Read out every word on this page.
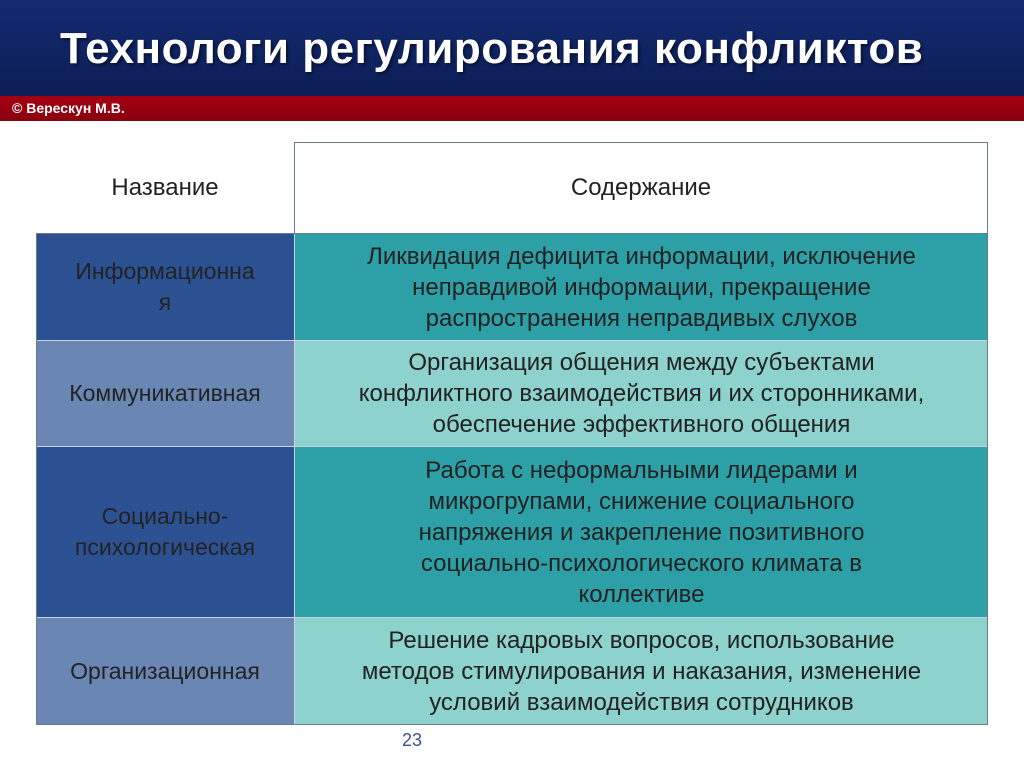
Технологи регулирования конфликтов
© Верескун М.В.
Название	Содержание
Информационна
я
Ликвидация дефицита информации, исключение
неправдивой информации, прекращение
распространения неправдивых слухов
Коммуникативная
Организация общения между субъектами
конфликтного взаимодействия и их сторонниками,
обеспечение эффективного общения
Социально-
психологическая
Работа с неформальными лидерами и
микрогрупами, снижение социального
напряжения и закрепление позитивного
социально-психологического климата в
коллективе
Организационная
Решение кадровых вопросов, использование
методов стимулирования и наказания, изменение
условий взаимодействия сотрудников
23
